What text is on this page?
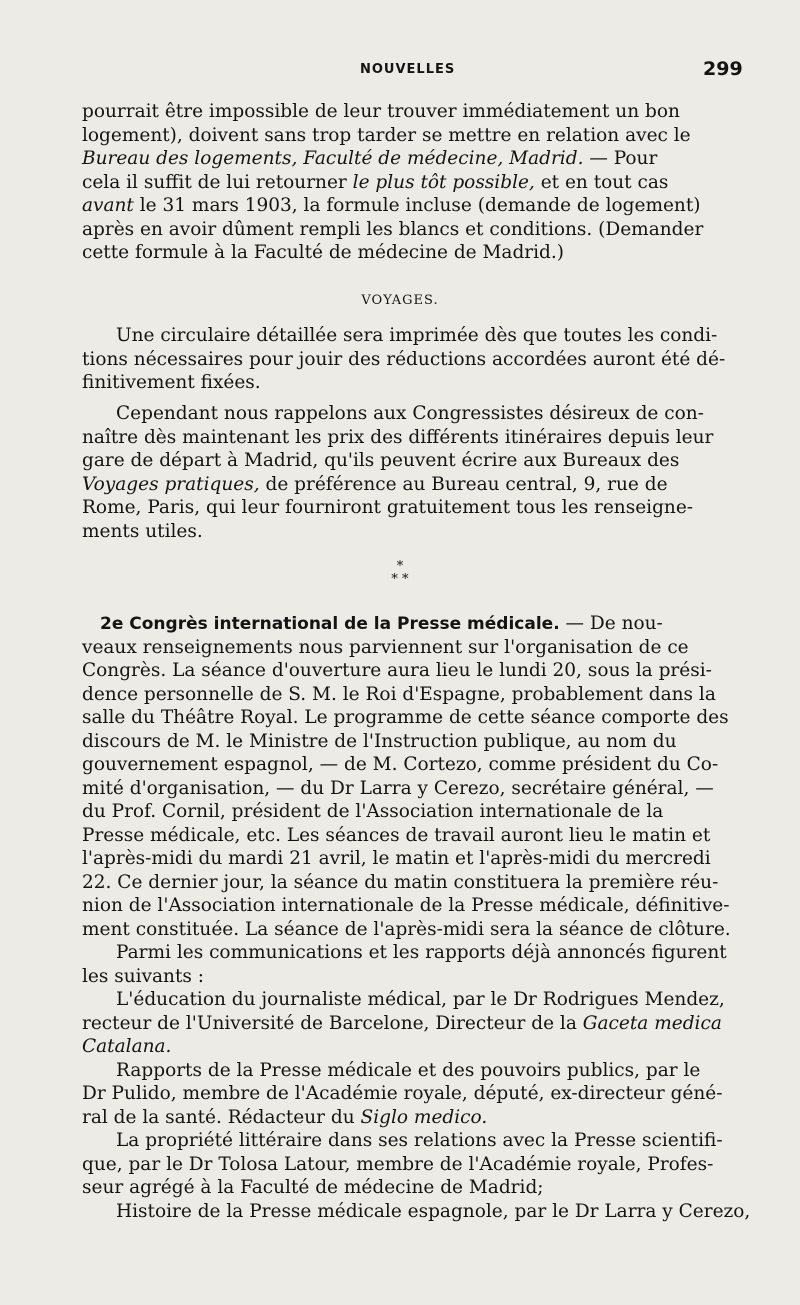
NOUVELLES	299
pourrait être impossible de leur trouver immédiatement un bon
logement), doivent sans trop tarder se mettre en relation avec le
Bureau des logements, Faculté de médecine, Madrid. — Pour
cela il suffit de lui retourner le plus tôt possible, et en tout cas
avant le 31 mars 1903, la formule incluse (demande de logement)
après en avoir dûment rempli les blancs et conditions. (Demander
cette formule à la Faculté de médecine de Madrid.)
VOYAGES.
Une circulaire détaillée sera imprimée dès que toutes les condi-
tions nécessaires pour jouir des réductions accordées auront été dé-
finitivement fixées.
Cependant nous rappelons aux Congressistes désireux de con-
naître dès maintenant les prix des différents itinéraires depuis leur
gare de départ à Madrid, qu'ils peuvent écrire aux Bureaux des
Voyages pratiques, de préférence au Bureau central, 9, rue de
Rome, Paris, qui leur fourniront gratuitement tous les renseigne-
ments utiles.
*
* *
2e Congrès international de la Presse médicale. — De nou-
veaux renseignements nous parviennent sur l'organisation de ce
Congrès. La séance d'ouverture aura lieu le lundi 20, sous la prési-
dence personnelle de S. M. le Roi d'Espagne, probablement dans la
salle du Théâtre Royal. Le programme de cette séance comporte des
discours de M. le Ministre de l'Instruction publique, au nom du
gouvernement espagnol, — de M. Cortezo, comme président du Co-
mité d'organisation, — du Dr Larra y Cerezo, secrétaire général, —
du Prof. Cornil, président de l'Association internationale de la
Presse médicale, etc. Les séances de travail auront lieu le matin et
l'après-midi du mardi 21 avril, le matin et l'après-midi du mercredi
22. Ce dernier jour, la séance du matin constituera la première réu-
nion de l'Association internationale de la Presse médicale, définitive-
ment constituée. La séance de l'après-midi sera la séance de clôture.
Parmi les communications et les rapports déjà annoncés figurent
les suivants :
L'éducation du journaliste médical, par le Dr Rodrigues Mendez,
recteur de l'Université de Barcelone, Directeur de la Gaceta medica
Catalana.
Rapports de la Presse médicale et des pouvoirs publics, par le
Dr Pulido, membre de l'Académie royale, député, ex-directeur géné-
ral de la santé. Rédacteur du Siglo medico.
La propriété littéraire dans ses relations avec la Presse scientifi-
que, par le Dr Tolosa Latour, membre de l'Académie royale, Profes-
seur agrégé à la Faculté de médecine de Madrid;
Histoire de la Presse médicale espagnole, par le Dr Larra y Cerezo,
